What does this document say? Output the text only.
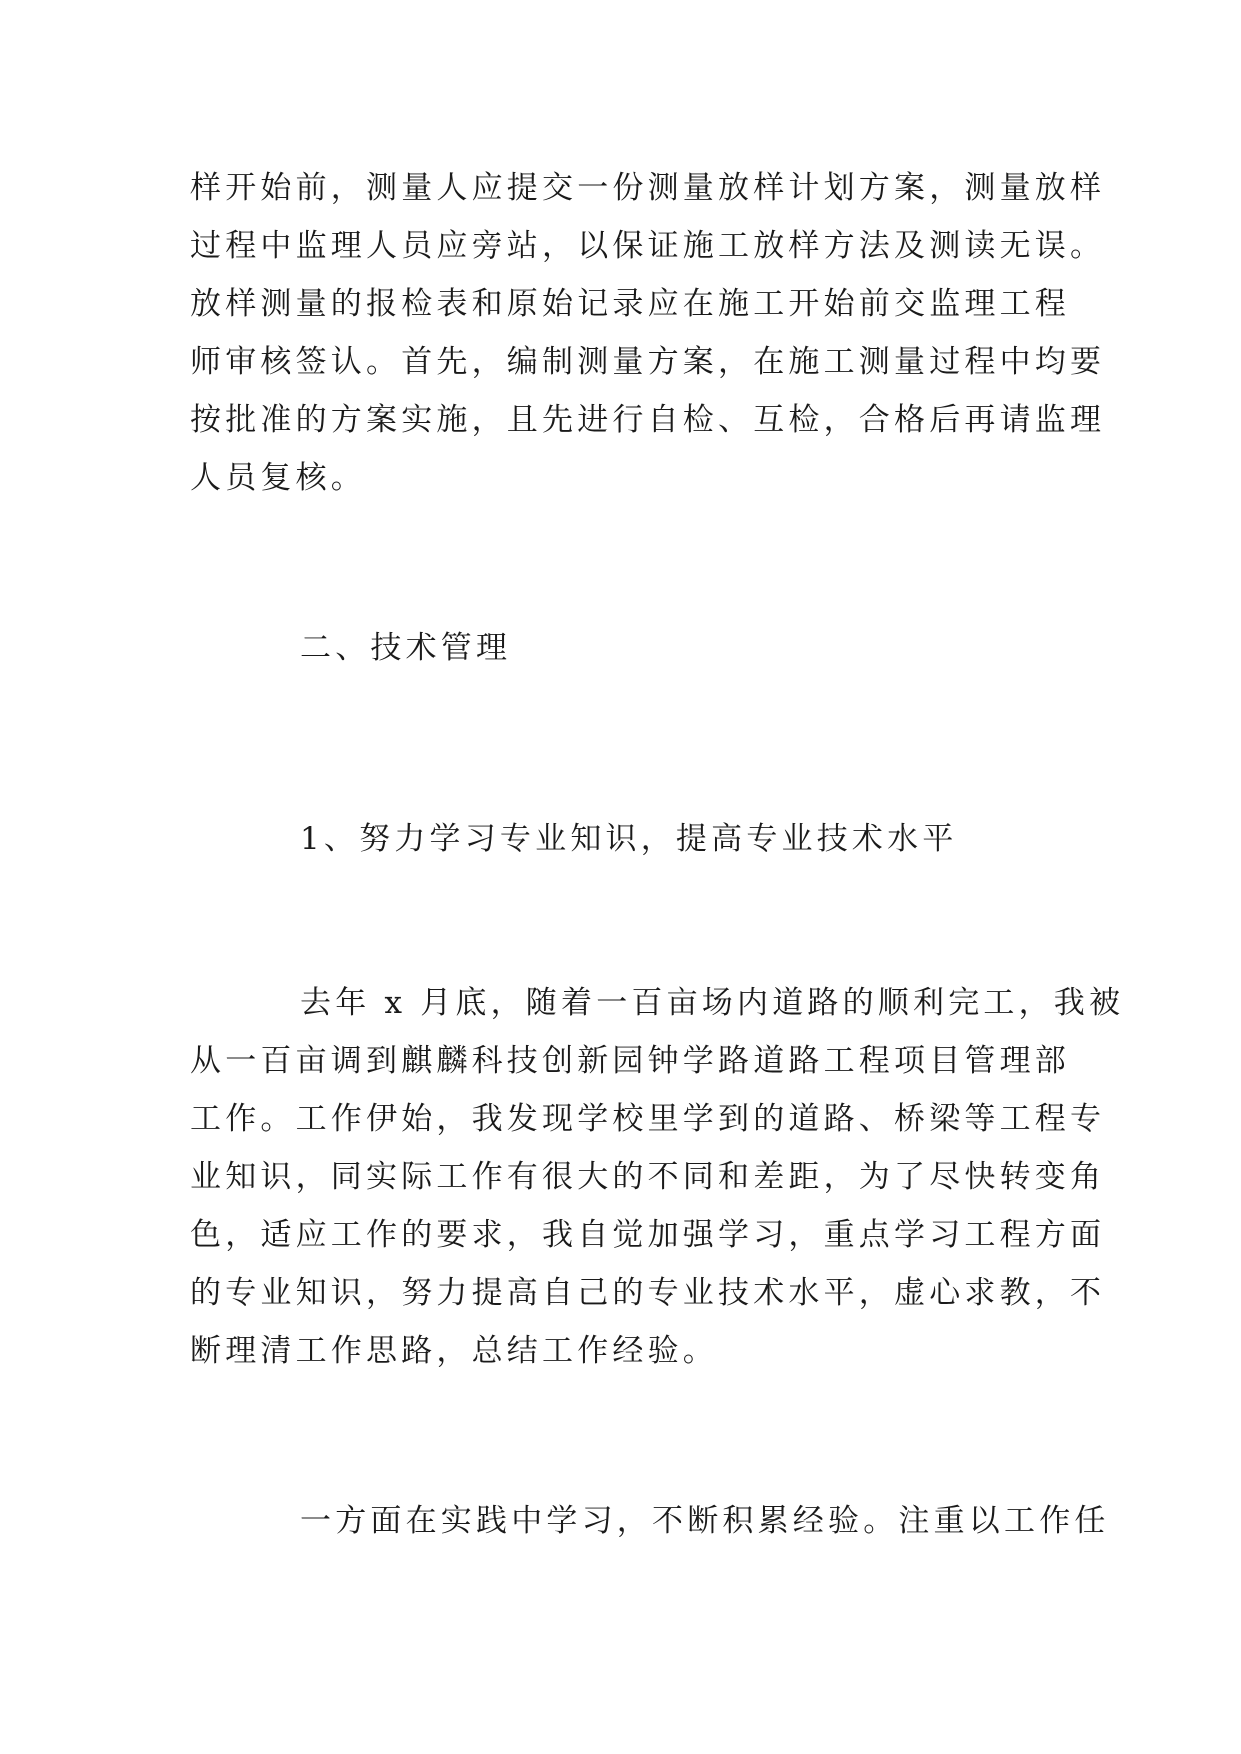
样开始前，测量人应提交一份测量放样计划方案，测量放样
过程中监理人员应旁站，以保证施工放样方法及测读无误。
放样测量的报检表和原始记录应在施工开始前交监理工程
师审核签认。首先，编制测量方案，在施工测量过程中均要
按批准的方案实施，且先进行自检、互检，合格后再请监理
人员复核。

二、技术管理

1、努力学习专业知识，提高专业技术水平

去年 x 月底，随着一百亩场内道路的顺利完工，我被
从一百亩调到麒麟科技创新园钟学路道路工程项目管理部
工作。工作伊始，我发现学校里学到的道路、桥梁等工程专
业知识，同实际工作有很大的不同和差距，为了尽快转变角
色，适应工作的要求，我自觉加强学习，重点学习工程方面
的专业知识，努力提高自己的专业技术水平，虚心求教，不
断理清工作思路，总结工作经验。

一方面在实践中学习，不断积累经验。注重以工作任
